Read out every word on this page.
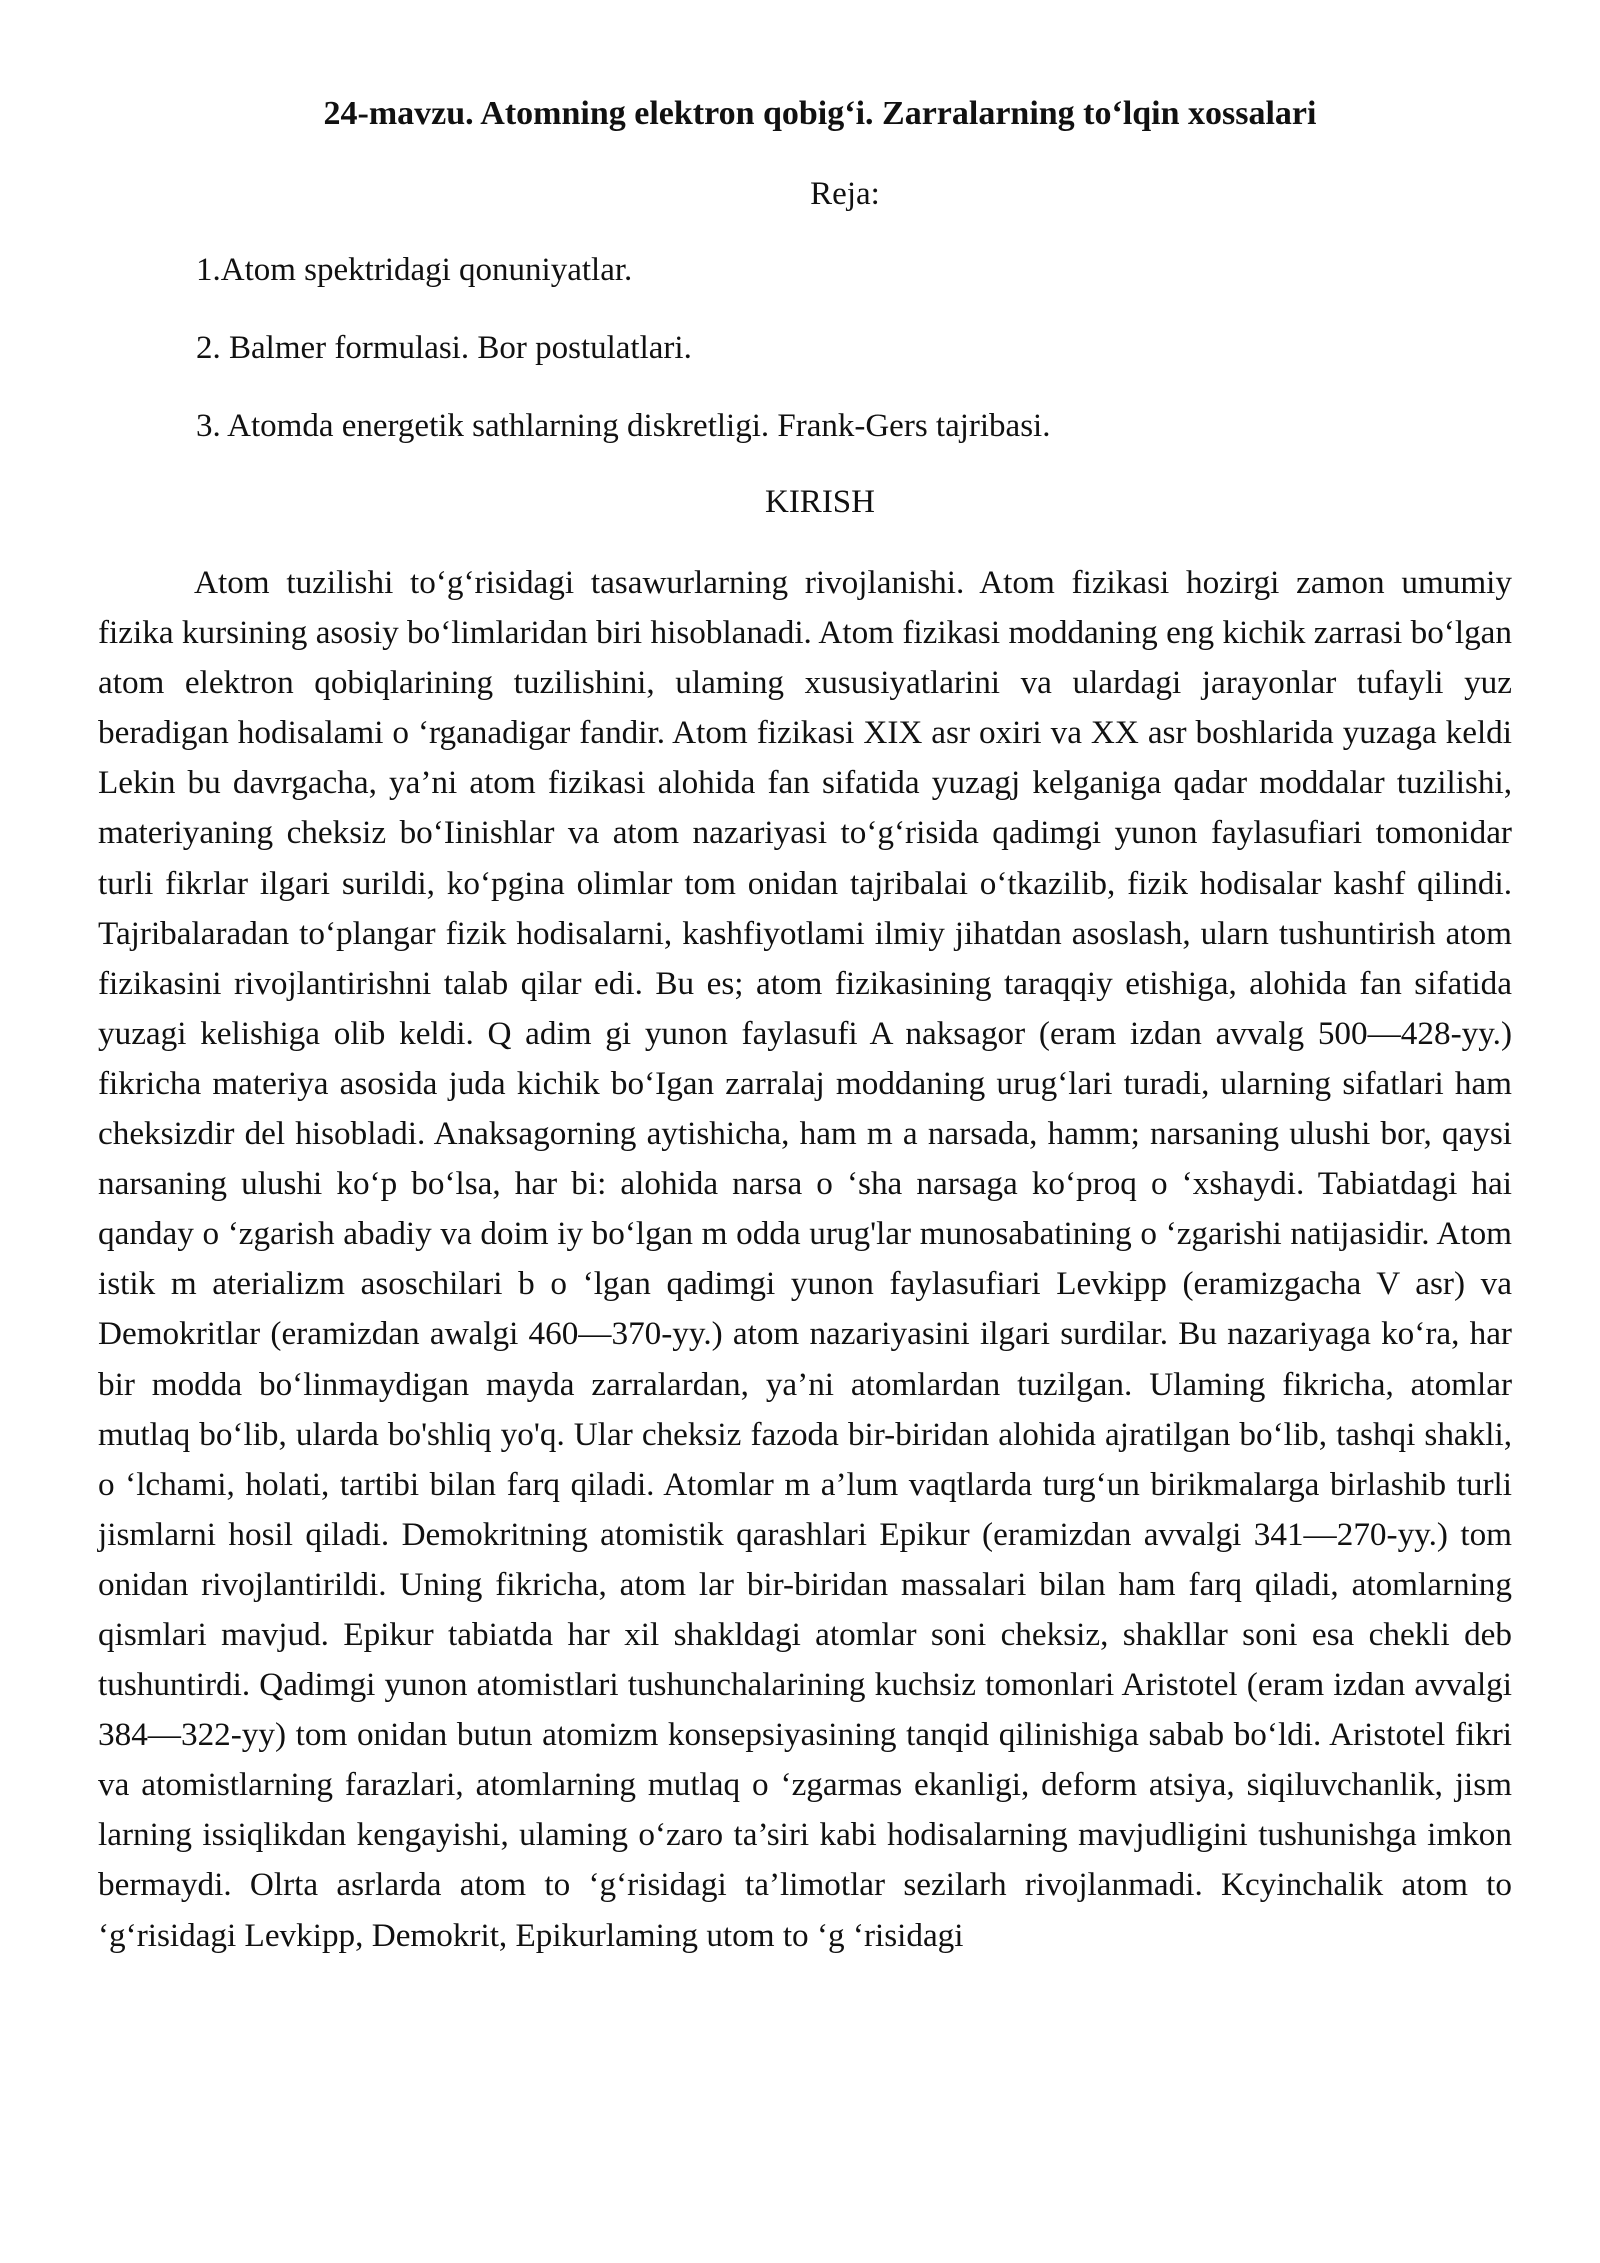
24-mavzu. Atomning elektron qobig‘i. Zarralarning to‘lqin xossalari
Reja:
1.Atom spektridagi qonuniyatlar.
2. Balmer formulasi. Bor postulatlari.
3. Atomda energetik sathlarning diskretligi. Frank-Gers tajribasi.
KIRISH

Atom tuzilishi to‘g‘risidagi tasawurlarning rivojlanishi. Atom fizikasi hozirgi zamon umumiy fizika kursining asosiy bo‘limlaridan biri hisoblanadi. Atom fizikasi moddaning eng kichik zarrasi bo‘lgan atom elektron qobiqlarining tuzilishini, ulaming xususiyatlarini va ulardagi jarayonlar tufayli yuz beradigan hodisalami o ‘rganadigar fandir. Atom fizikasi XIX asr oxiri va XX asr boshlarida yuzaga keldi Lekin bu davrgacha, ya’ni atom fizikasi alohida fan sifatida yuzagj kelganiga qadar moddalar tuzilishi, materiyaning cheksiz bo‘Iinishlar va atom nazariyasi to‘g‘risida qadimgi yunon faylasufiari tomonidar turli fikrlar ilgari surildi, ko‘pgina olimlar tom onidan tajribalai o‘tkazilib, fizik hodisalar kashf qilindi. Tajribalaradan to‘plangar fizik hodisalarni, kashfiyotlami ilmiy jihatdan asoslash, ularn tushuntirish atom fizikasini rivojlantirishni talab qilar edi. Bu es; atom fizikasining taraqqiy etishiga, alohida fan sifatida yuzagi kelishiga olib keldi. Q adim gi yunon faylasufi A naksagor (eram izdan avvalg 500—428-yy.) fikricha materiya asosida juda kichik bo‘Igan zarralaj moddaning urug‘lari turadi, ularning sifatlari ham cheksizdir del hisobladi. Anaksagorning aytishicha, ham m a narsada, hamm; narsaning ulushi bor, qaysi narsaning ulushi ko‘p bo‘lsa, har bi: alohida narsa o ‘sha narsaga ko‘proq o ‘xshaydi. Tabiatdagi hai qanday o ‘zgarish abadiy va doim iy bo‘lgan m odda urug'lar munosabatining o ‘zgarishi natijasidir. Atom istik m aterializm asoschilari b o ‘lgan qadimgi yunon faylasufiari Levkipp (eramizgacha V asr) va Demokritlar (eramizdan awalgi 460—370-yy.) atom nazariyasini ilgari surdilar. Bu nazariyaga ko‘ra, har bir modda bo‘linmaydigan mayda zarralardan, ya’ni atomlardan tuzilgan. Ulaming fikricha, atomlar mutlaq bo‘lib, ularda bo'shliq yo'q. Ular cheksiz fazoda bir-biridan alohida ajratilgan bo‘lib, tashqi shakli, o ‘lchami, holati, tartibi bilan farq qiladi. Atomlar m a’lum vaqtlarda turg‘un birikmalarga birlashib turli jismlarni hosil qiladi. Demokritning atomistik qarashlari Epikur (eramizdan avvalgi 341—270-yy.) tom onidan rivojlantirildi. Uning fikricha, atom lar bir-biridan massalari bilan ham farq qiladi, atomlarning qismlari mavjud. Epikur tabiatda har xil shakldagi atomlar soni cheksiz, shakllar soni esa chekli deb tushuntirdi. Qadimgi yunon atomistlari tushunchalarining kuchsiz tomonlari Aristotel (eram izdan avvalgi 384—322-yy) tom onidan butun atomizm konsepsiyasining tanqid qilinishiga sabab bo‘ldi. Aristotel fikri va atomistlarning farazlari, atomlarning mutlaq o ‘zgarmas ekanligi, deform atsiya, siqiluvchanlik, jism larning issiqlikdan kengayishi, ulaming o‘zaro ta’siri kabi hodisalarning mavjudligini tushunishga imkon bermaydi. Olrta asrlarda atom to ‘g‘risidagi ta’limotlar sezilarh rivojlanmadi. Kcyinchalik atom to ‘g‘risidagi Levkipp, Demokrit, Epikurlaming utom to ‘g ‘risidagi
